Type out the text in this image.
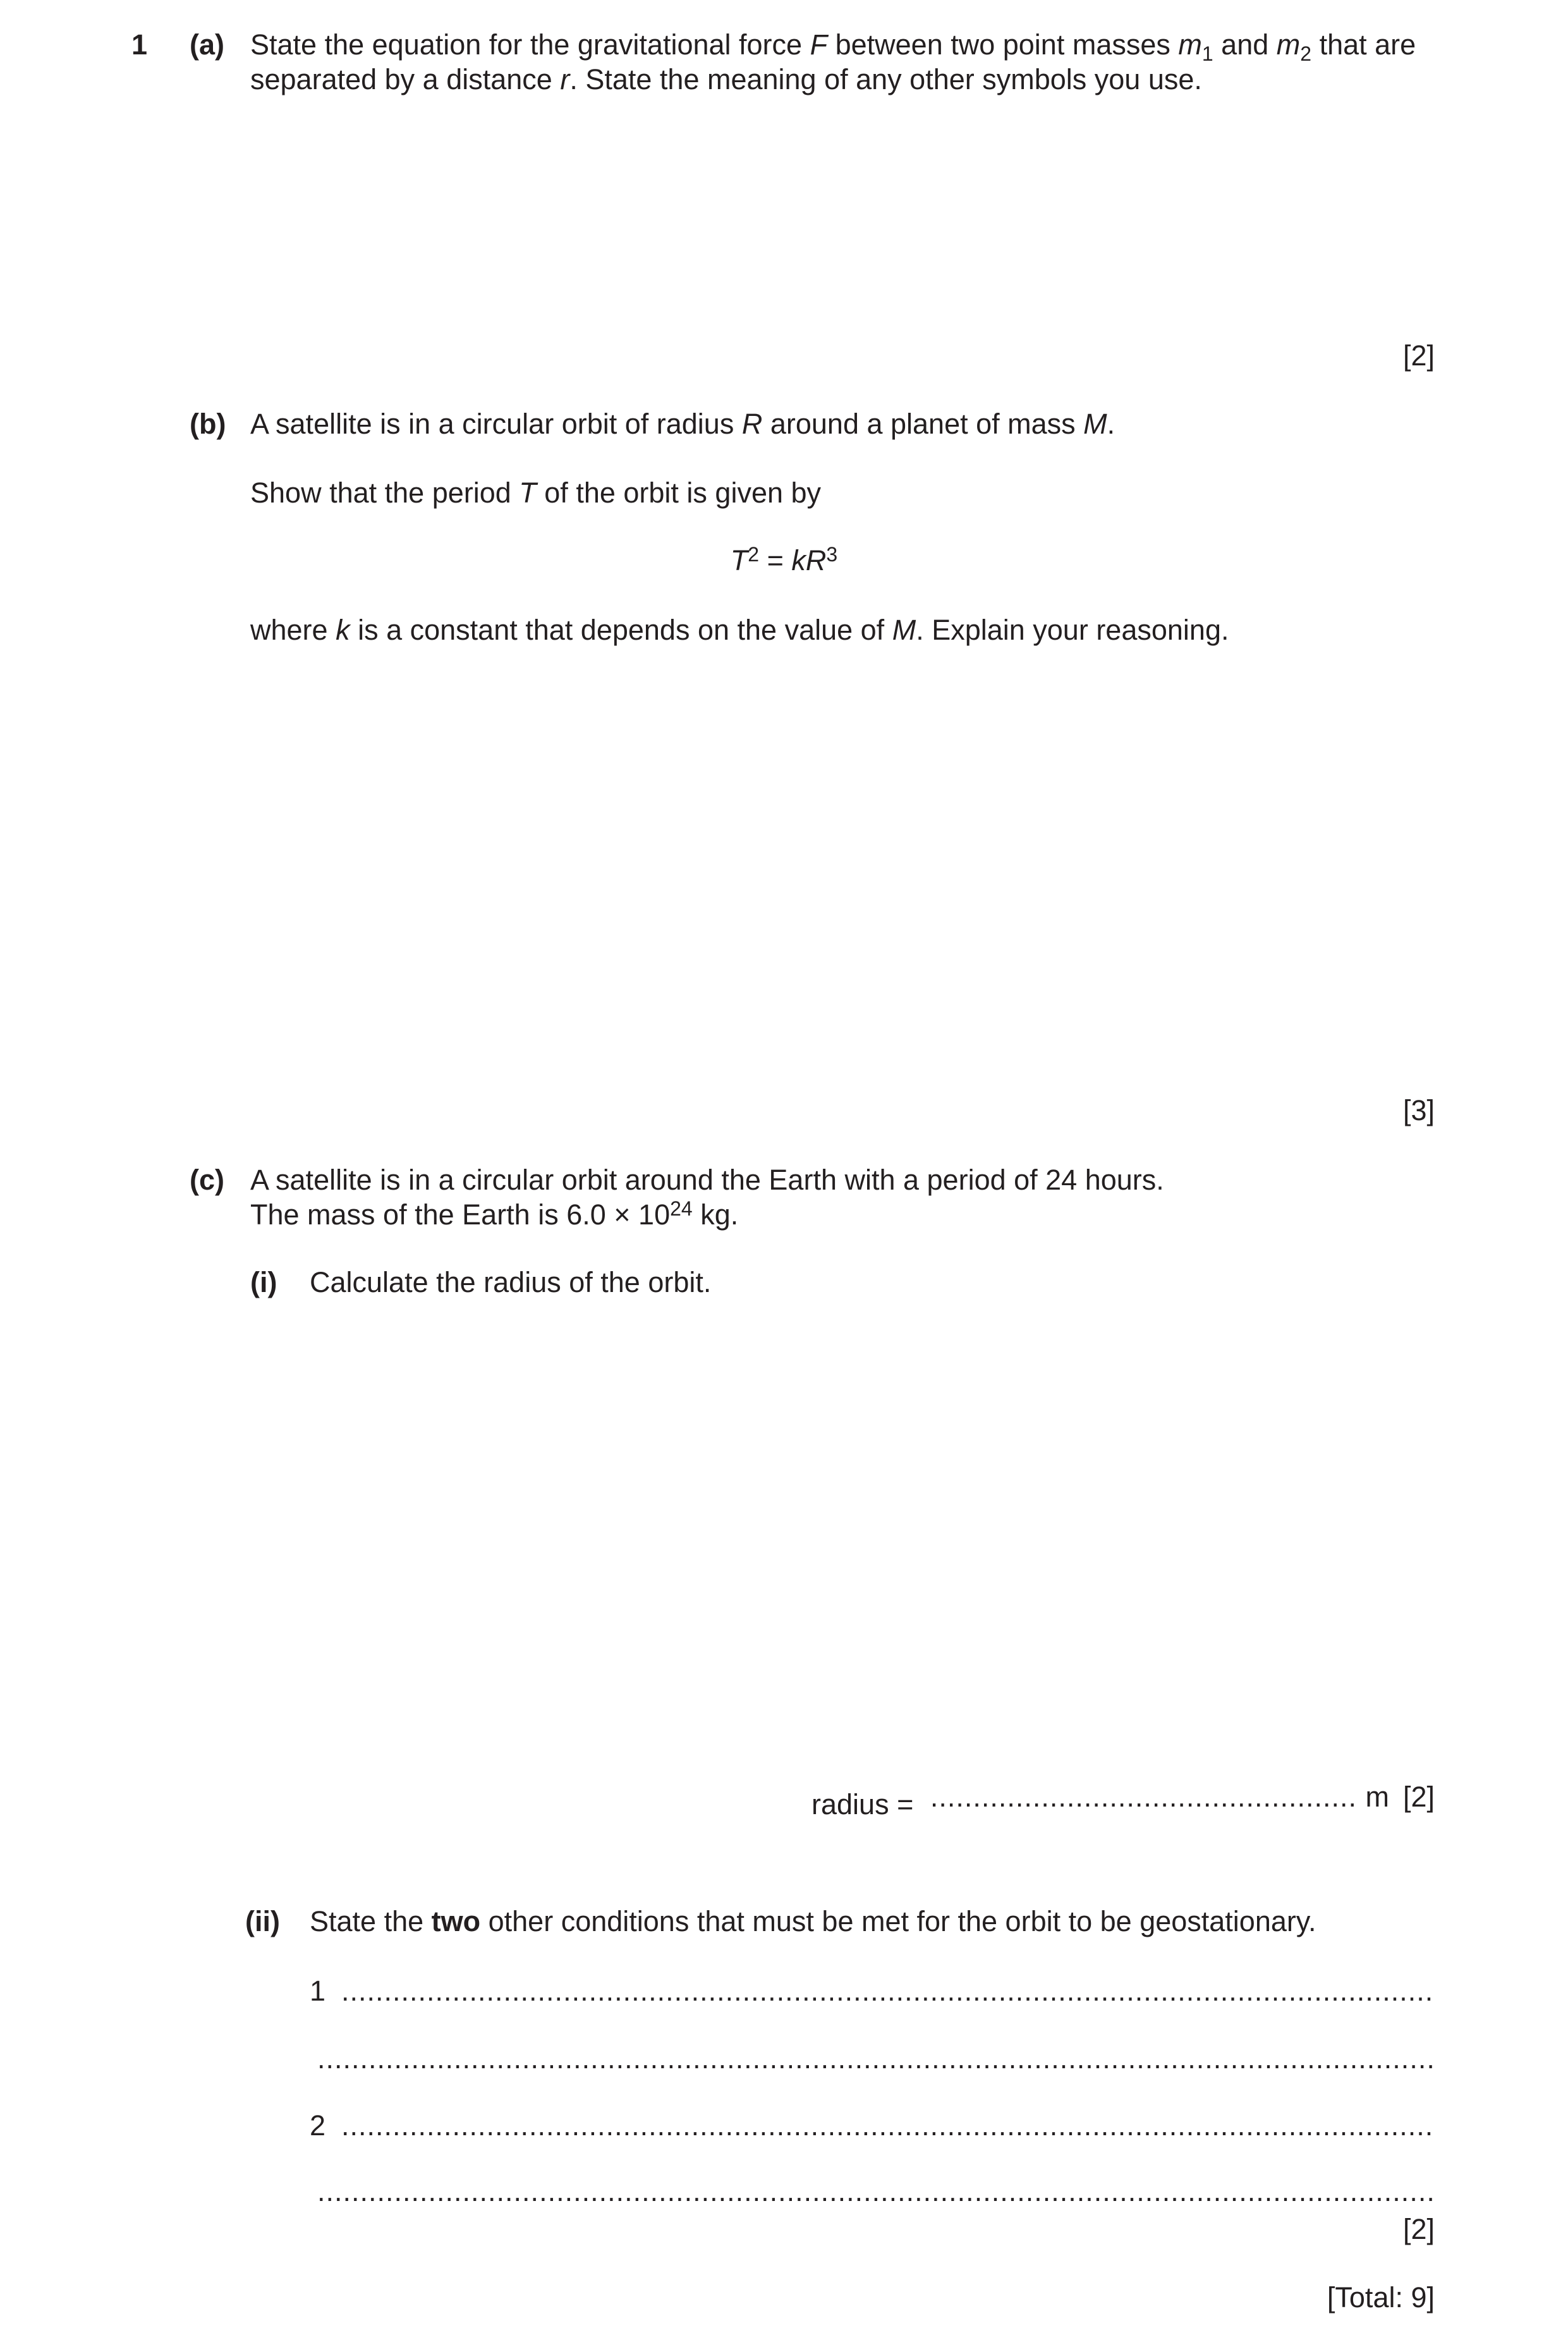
1 (a) State the equation for the gravitational force F between two point masses $m_1$ and $m_2$ that are
separated by a distance r. State the meaning of any other symbols you use.
[2]
(b) A satellite is in a circular orbit of radius R around a planet of mass M.
Show that the period T of the orbit is given by
$T^2 = kR^3$
where k is a constant that depends on the value of M. Explain your reasoning.
[3]
(c) A satellite is in a circular orbit around the Earth with a period of 24 hours.
The mass of the Earth is $6.0 \times 10^{24}$ kg.
(i) Calculate the radius of the orbit.
radius = .....	m [2]
(ii) State the two other conditions that must be met for the orbit to be geostationary.
1
.....
.....
2
.....
.....
[2]
[Total: 9]
